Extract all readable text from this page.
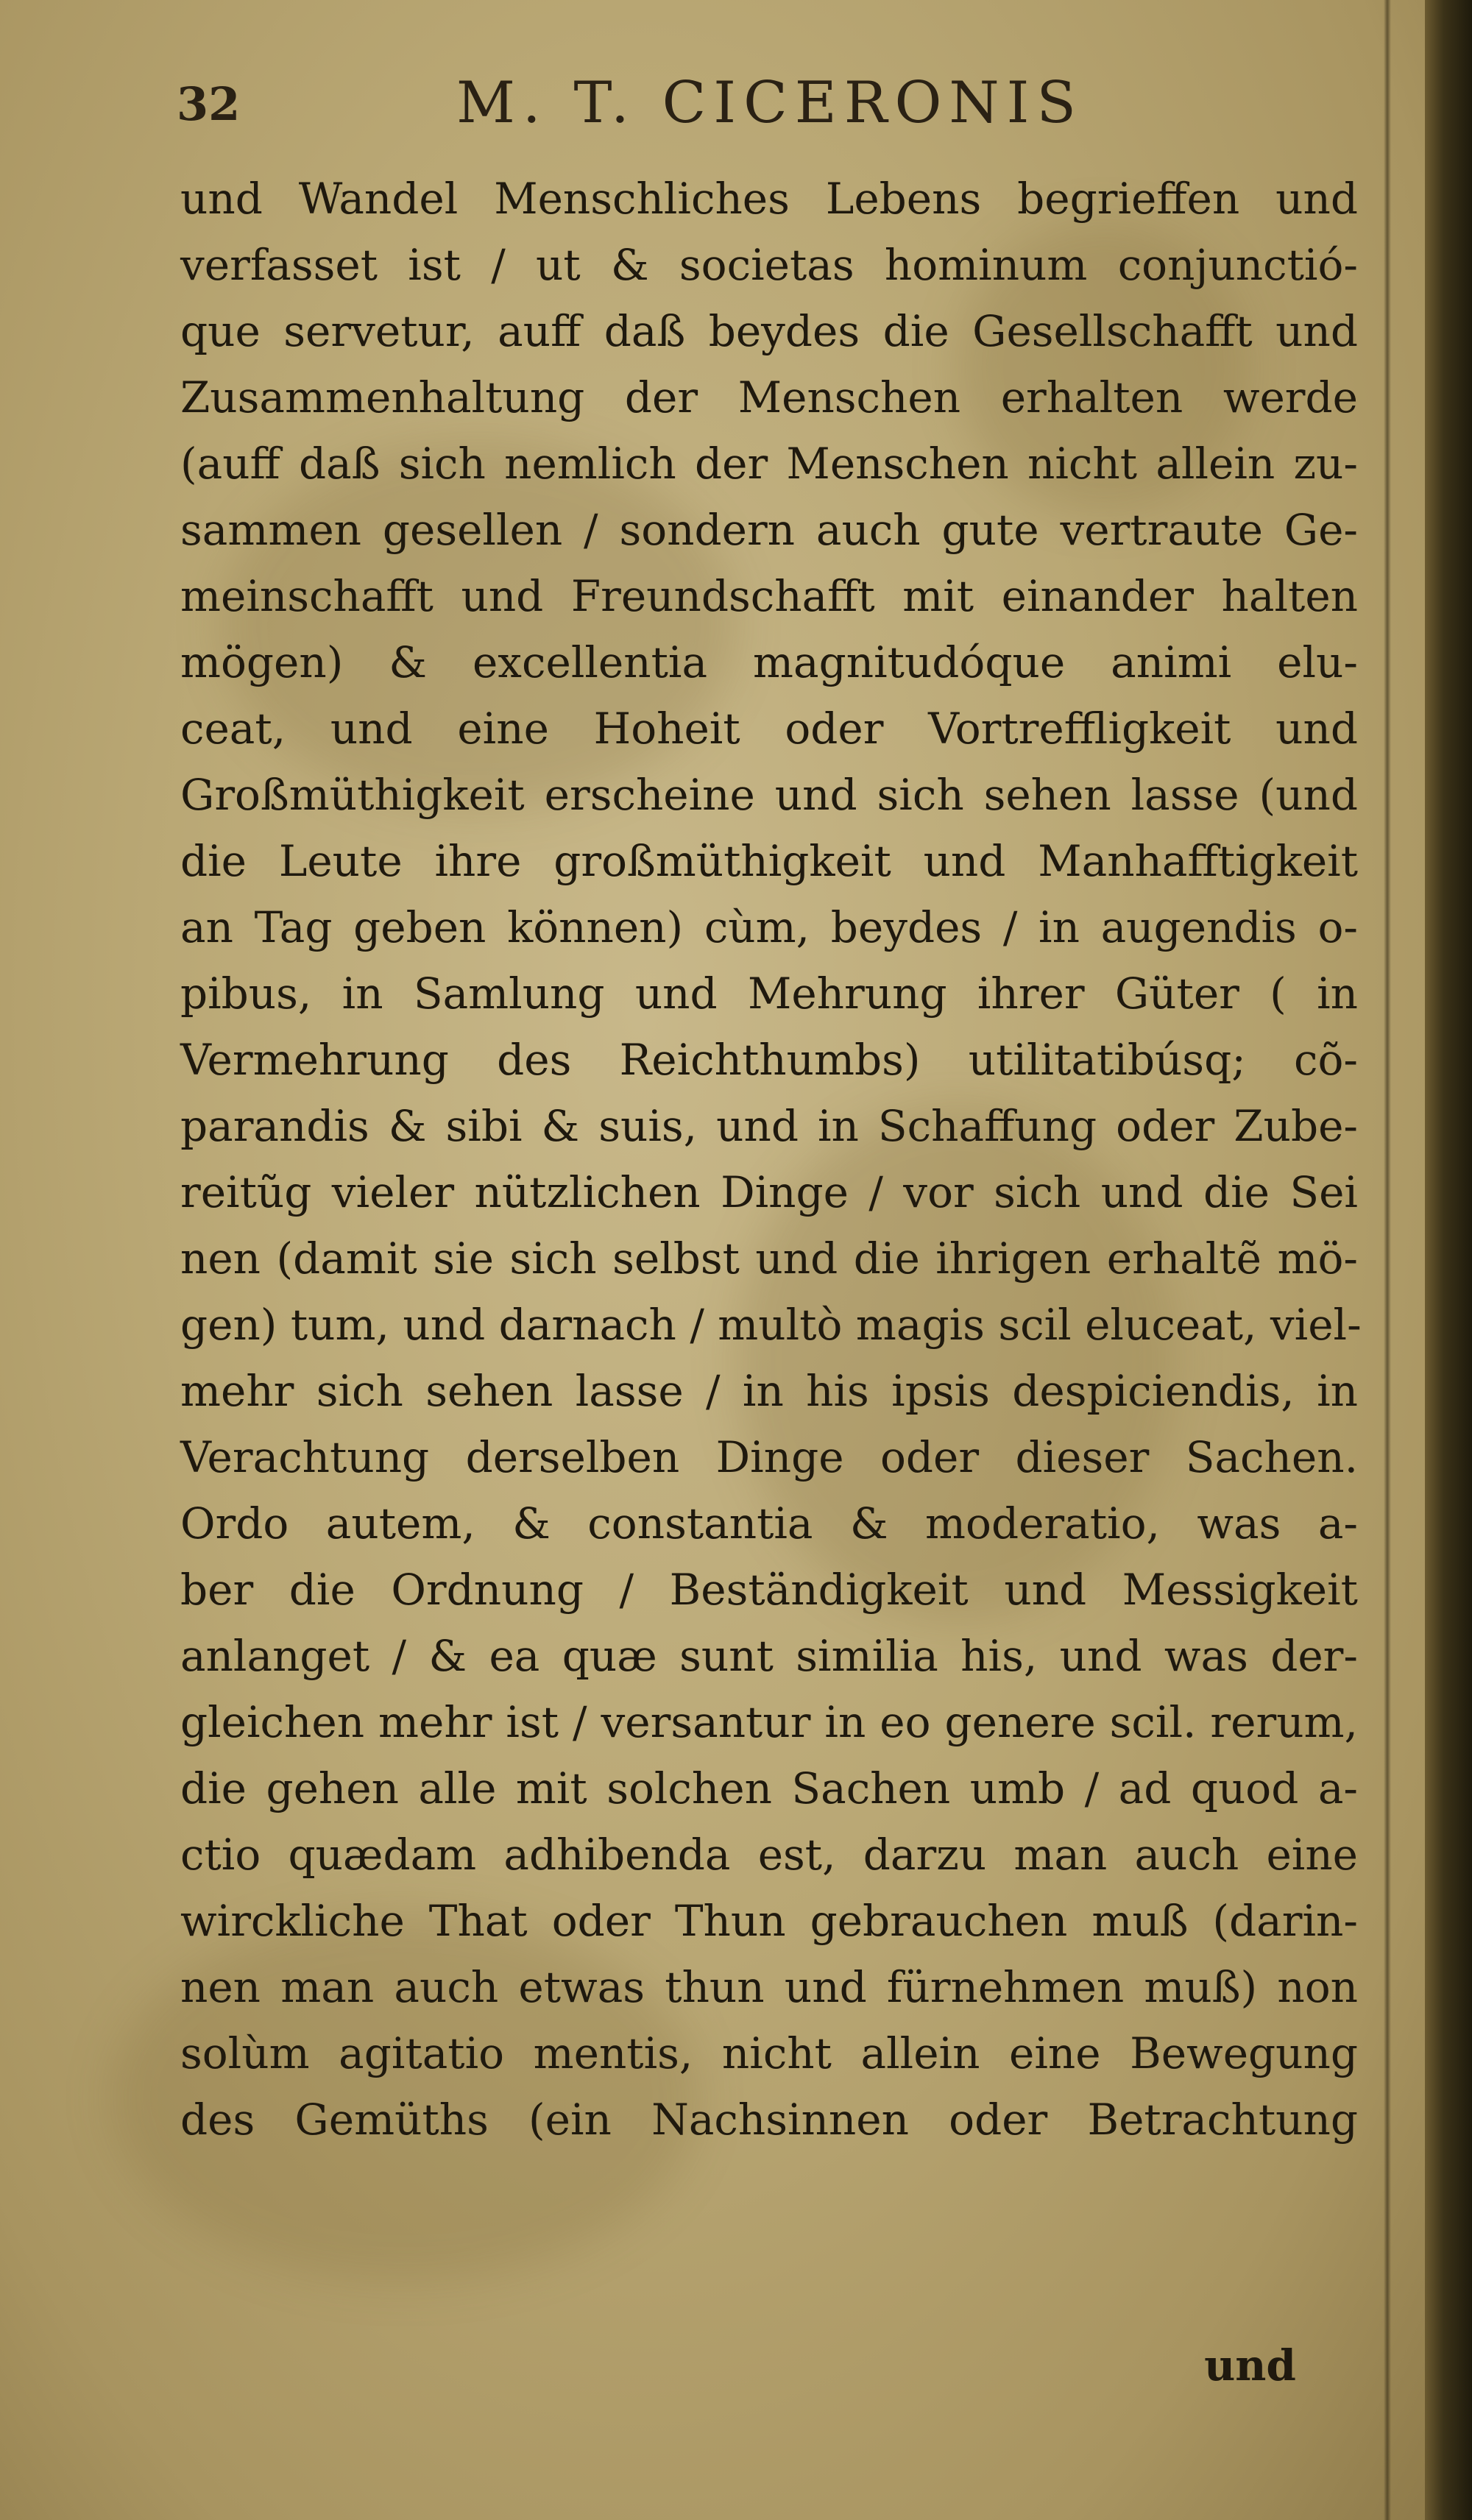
32	M. T. CICERONIS
und Wandel Menschliches Lebens begrieffen und
verfasset ist / ut & societas hominum conjunctió-
que servetur, auff daß beydes die Gesellschafft und
Zusammenhaltung der Menschen erhalten werde
(auff daß sich nemlich der Menschen nicht allein zu-
sammen gesellen / sondern auch gute vertraute Ge-
meinschafft und Freundschafft mit einander halten
mögen) & excellentia magnitudóque animi elu-
ceat, und eine Hoheit oder Vortreffligkeit und
Großmüthigkeit erscheine und sich sehen lasse (und
die Leute ihre großmüthigkeit und Manhafftigkeit
an Tag geben können) cùm, beydes / in augendis o-
pibus, in Samlung und Mehrung ihrer Güter ( in
Vermehrung des Reichthumbs) utilitatibúsq; cõ-
parandis & sibi & suis, und in Schaffung oder Zube-
reitũg vieler nützlichen Dinge / vor sich und die Sei
nen (damit sie sich selbst und die ihrigen erhaltẽ mö-
gen) tum, und darnach / multò magis scil eluceat, viel-
mehr sich sehen lasse / in his ipsis despiciendis, in
Verachtung derselben Dinge oder dieser Sachen.
Ordo autem, & constantia & moderatio, was a-
ber die Ordnung / Beständigkeit und Messigkeit
anlanget / & ea quæ sunt similia his, und was der-
gleichen mehr ist / versantur in eo genere scil. rerum,
die gehen alle mit solchen Sachen umb / ad quod a-
ctio quædam adhibenda est, darzu man auch eine
wirckliche That oder Thun gebrauchen muß (darin-
nen man auch etwas thun und fürnehmen muß) non
solùm agitatio mentis, nicht allein eine Bewegung
des Gemüths (ein Nachsinnen oder Betrachtung
und
